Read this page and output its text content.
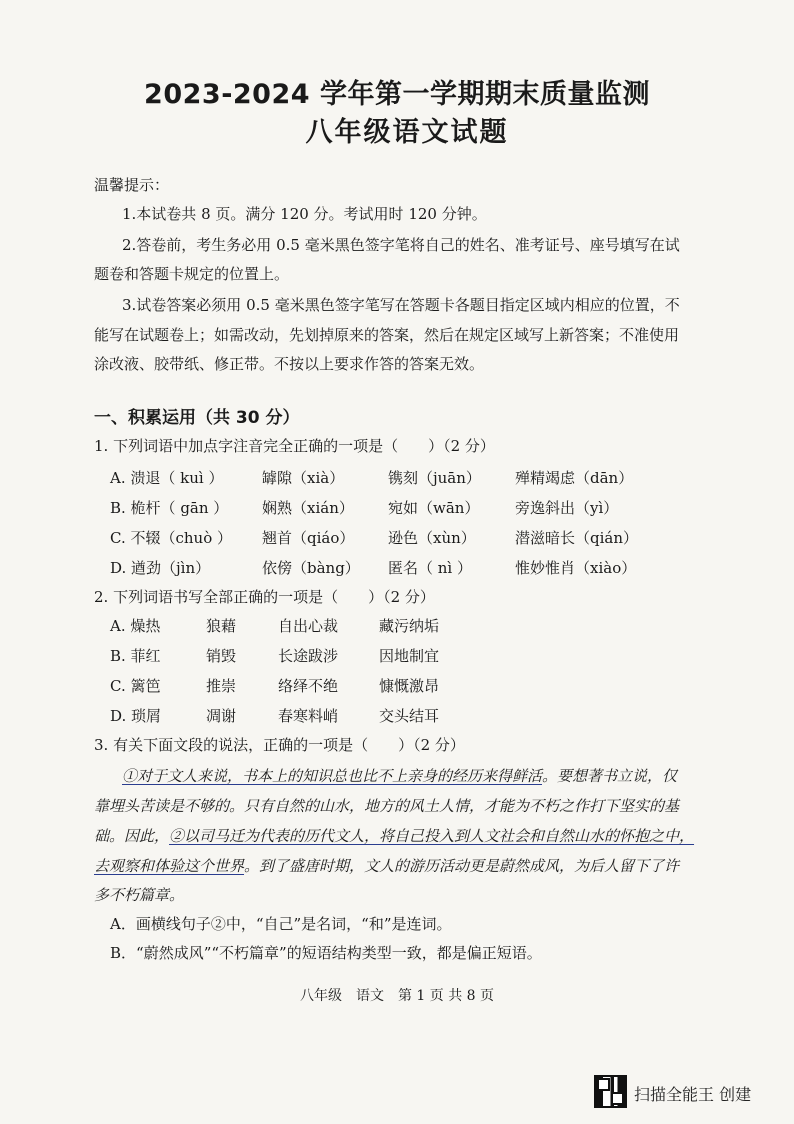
2023-2024 学年第一学期期末质量监测
八年级语文试题
温馨提示：
1.本试卷共 8 页。满分 120 分。考试用时 120 分钟。
2.答卷前，考生务必用 0.5 毫米黑色签字笔将自己的姓名、准考证号、座号填写在试
题卷和答题卡规定的位置上。
3.试卷答案必须用 0.5 毫米黑色签字笔写在答题卡各题目指定区域内相应的位置，不
能写在试题卷上；如需改动，先划掉原来的答案，然后在规定区域写上新答案；不准使用
涂改液、胶带纸、修正带。不按以上要求作答的答案无效。
一、积累运用（共 30 分）
1. 下列词语中加点字注音完全正确的一项是（　　）（2 分）
A. 溃退（ kuì ）	罅隙（xià）	镌刻（juān） 殚精竭虑（dān）
B. 桅杆（ gān ） 娴熟（xián） 宛如（wān） 旁逸斜出（yì）
C. 不辍（chuò ） 翘首（qiáo） 逊色（xùn）	潜滋暗长（qián）
D. 遒劲（jìn）	依傍（bàng） 匿名（ nì ）	惟妙惟肖（xiào）
2. 下列词语书写全部正确的一项是（　　）（2 分）
A. 燥热	狼藉	自出心裁	藏污纳垢
B. 菲红	销毁	长途跋涉	因地制宜
C. 篱笆	推崇	络绎不绝	慷慨激昂
D. 琐屑	凋谢	春寒料峭	交头结耳
3. 有关下面文段的说法，正确的一项是（　　）（2 分）
①对于文人来说，书本上的知识总也比不上亲身的经历来得鲜活。要想著书立说，仅
靠埋头苦读是不够的。只有自然的山水，地方的风土人情，才能为不朽之作打下坚实的基
础。因此，②以司马迁为代表的历代文人，将自己投入到人文社会和自然山水的怀抱之中，
去观察和体验这个世界。到了盛唐时期，文人的游历活动更是蔚然成风，为后人留下了许
多不朽篇章。
A．画横线句子②中，“自己”是名词，“和”是连词。
B．“蔚然成风”“不朽篇章”的短语结构类型一致，都是偏正短语。
八年级　语文　第 1 页 共 8 页
扫描全能王 创建
